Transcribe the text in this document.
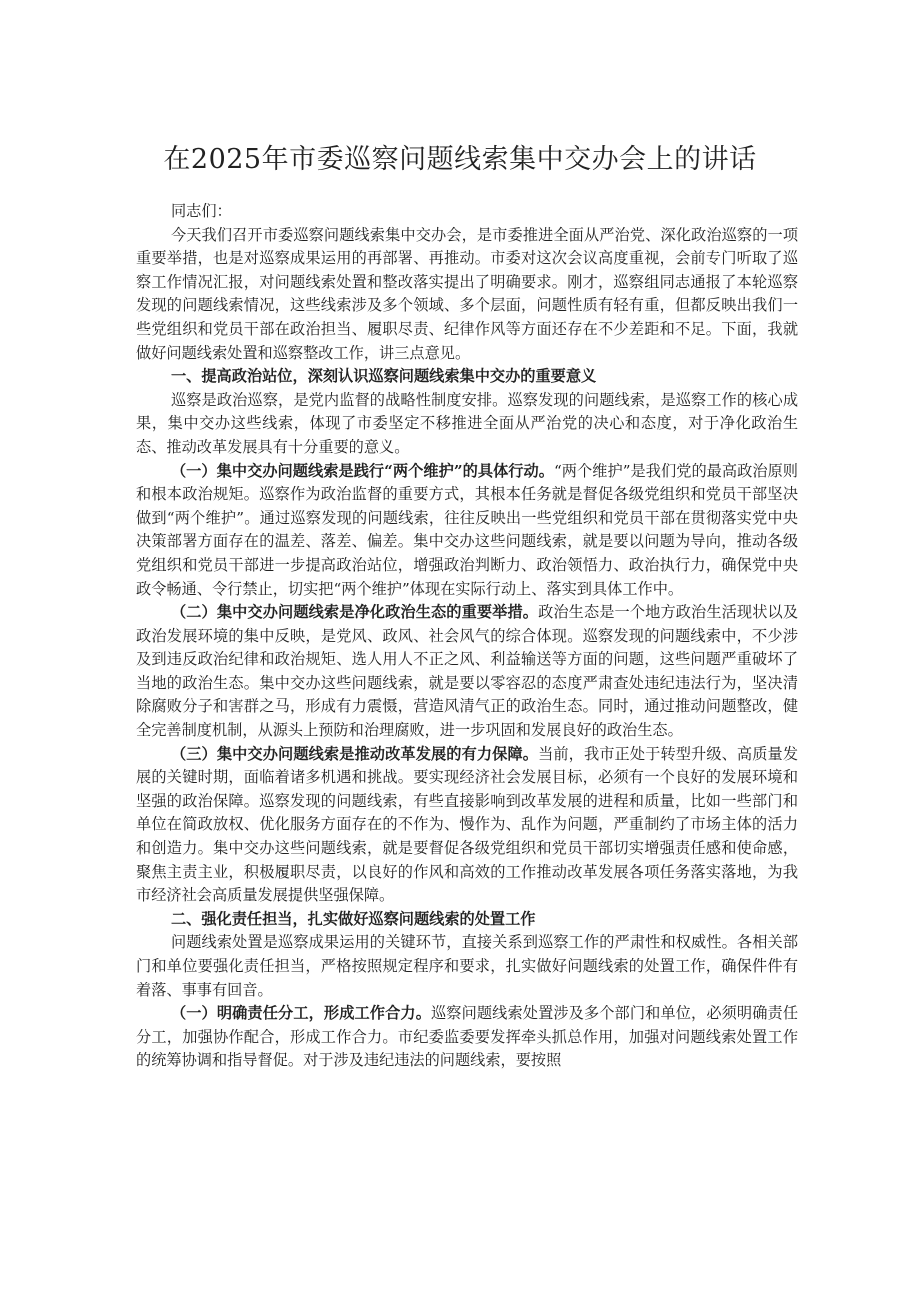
在2025年市委巡察问题线索集中交办会上的讲话

同志们：

今天我们召开市委巡察问题线索集中交办会，是市委推进全面从严治党、深化政治巡察的一项重要举措，也是对巡察成果运用的再部署、再推动。市委对这次会议高度重视，会前专门听取了巡察工作情况汇报，对问题线索处置和整改落实提出了明确要求。刚才，巡察组同志通报了本轮巡察发现的问题线索情况，这些线索涉及多个领域、多个层面，问题性质有轻有重，但都反映出我们一些党组织和党员干部在政治担当、履职尽责、纪律作风等方面还存在不少差距和不足。下面，我就做好问题线索处置和巡察整改工作，讲三点意见。

一、提高政治站位，深刻认识巡察问题线索集中交办的重要意义

巡察是政治巡察，是党内监督的战略性制度安排。巡察发现的问题线索，是巡察工作的核心成果，集中交办这些线索，体现了市委坚定不移推进全面从严治党的决心和态度，对于净化政治生态、推动改革发展具有十分重要的意义。

（一）集中交办问题线索是践行“两个维护”的具体行动。“两个维护”是我们党的最高政治原则和根本政治规矩。巡察作为政治监督的重要方式，其根本任务就是督促各级党组织和党员干部坚决做到“两个维护”。通过巡察发现的问题线索，往往反映出一些党组织和党员干部在贯彻落实党中央决策部署方面存在的温差、落差、偏差。集中交办这些问题线索，就是要以问题为导向，推动各级党组织和党员干部进一步提高政治站位，增强政治判断力、政治领悟力、政治执行力，确保党中央政令畅通、令行禁止，切实把“两个维护”体现在实际行动上、落实到具体工作中。

（二）集中交办问题线索是净化政治生态的重要举措。政治生态是一个地方政治生活现状以及政治发展环境的集中反映，是党风、政风、社会风气的综合体现。巡察发现的问题线索中，不少涉及到违反政治纪律和政治规矩、选人用人不正之风、利益输送等方面的问题，这些问题严重破坏了当地的政治生态。集中交办这些问题线索，就是要以零容忍的态度严肃查处违纪违法行为，坚决清除腐败分子和害群之马，形成有力震慑，营造风清气正的政治生态。同时，通过推动问题整改，健全完善制度机制，从源头上预防和治理腐败，进一步巩固和发展良好的政治生态。

（三）集中交办问题线索是推动改革发展的有力保障。当前，我市正处于转型升级、高质量发展的关键时期，面临着诸多机遇和挑战。要实现经济社会发展目标，必须有一个良好的发展环境和坚强的政治保障。巡察发现的问题线索，有些直接影响到改革发展的进程和质量，比如一些部门和单位在简政放权、优化服务方面存在的不作为、慢作为、乱作为问题，严重制约了市场主体的活力和创造力。集中交办这些问题线索，就是要督促各级党组织和党员干部切实增强责任感和使命感，聚焦主责主业，积极履职尽责，以良好的作风和高效的工作推动改革发展各项任务落实落地，为我市经济社会高质量发展提供坚强保障。

二、强化责任担当，扎实做好巡察问题线索的处置工作

问题线索处置是巡察成果运用的关键环节，直接关系到巡察工作的严肃性和权威性。各相关部门和单位要强化责任担当，严格按照规定程序和要求，扎实做好问题线索的处置工作，确保件件有着落、事事有回音。

（一）明确责任分工，形成工作合力。巡察问题线索处置涉及多个部门和单位，必须明确责任分工，加强协作配合，形成工作合力。市纪委监委要发挥牵头抓总作用，加强对问题线索处置工作的统筹协调和指导督促。对于涉及违纪违法的问题线索，要按照
